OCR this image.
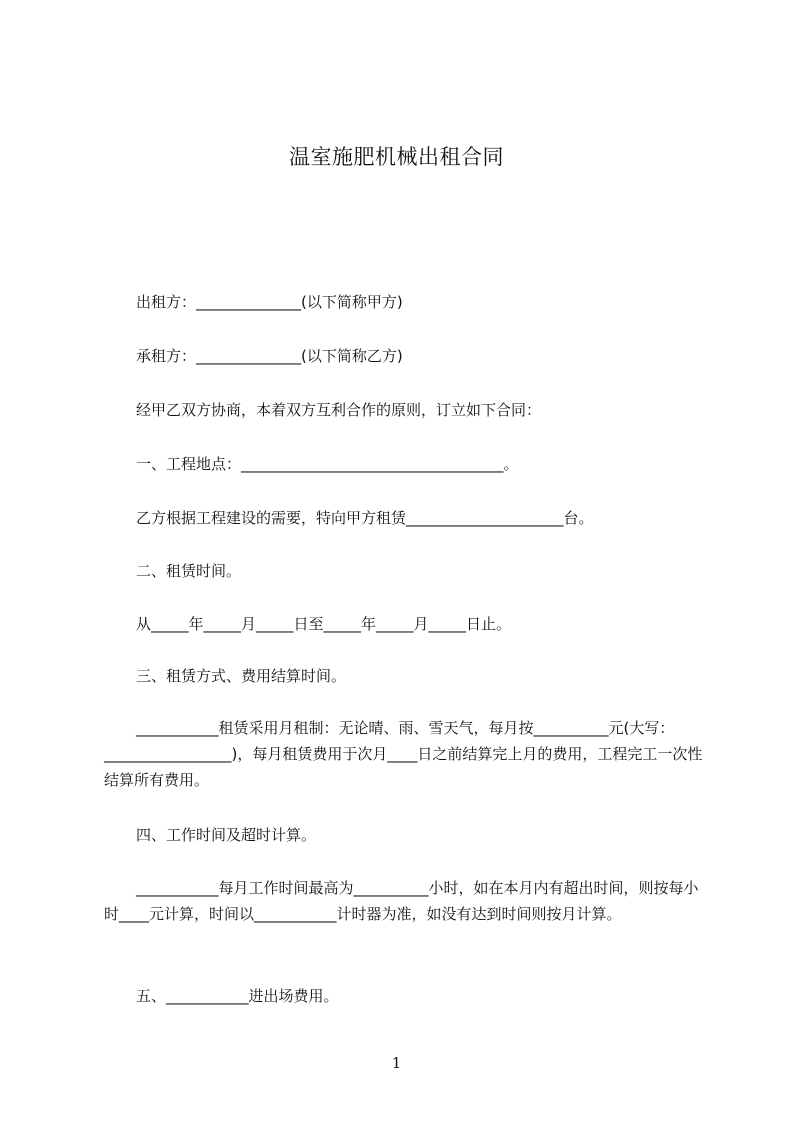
温室施肥机械出租合同
出租方：______________(以下简称甲方)
承租方：______________(以下简称乙方)
经甲乙双方协商，本着双方互利合作的原则，订立如下合同：
一、工程地点：___________________________________。
乙方根据工程建设的需要，特向甲方租赁_____________________台。
二、租赁时间。
从_____年_____月_____日至_____年_____月_____日止。
三、租赁方式、费用结算时间。
___________租赁采用月租制：无论晴、雨、雪天气，每月按__________元(大写：_________________)，每月租赁费用于次月____日之前结算完上月的费用，工程完工一次性结算所有费用。
四、工作时间及超时计算。
___________每月工作时间最高为__________小时，如在本月内有超出时间，则按每小时____元计算，时间以___________计时器为准，如没有达到时间则按月计算。
五、___________进出场费用。
1
